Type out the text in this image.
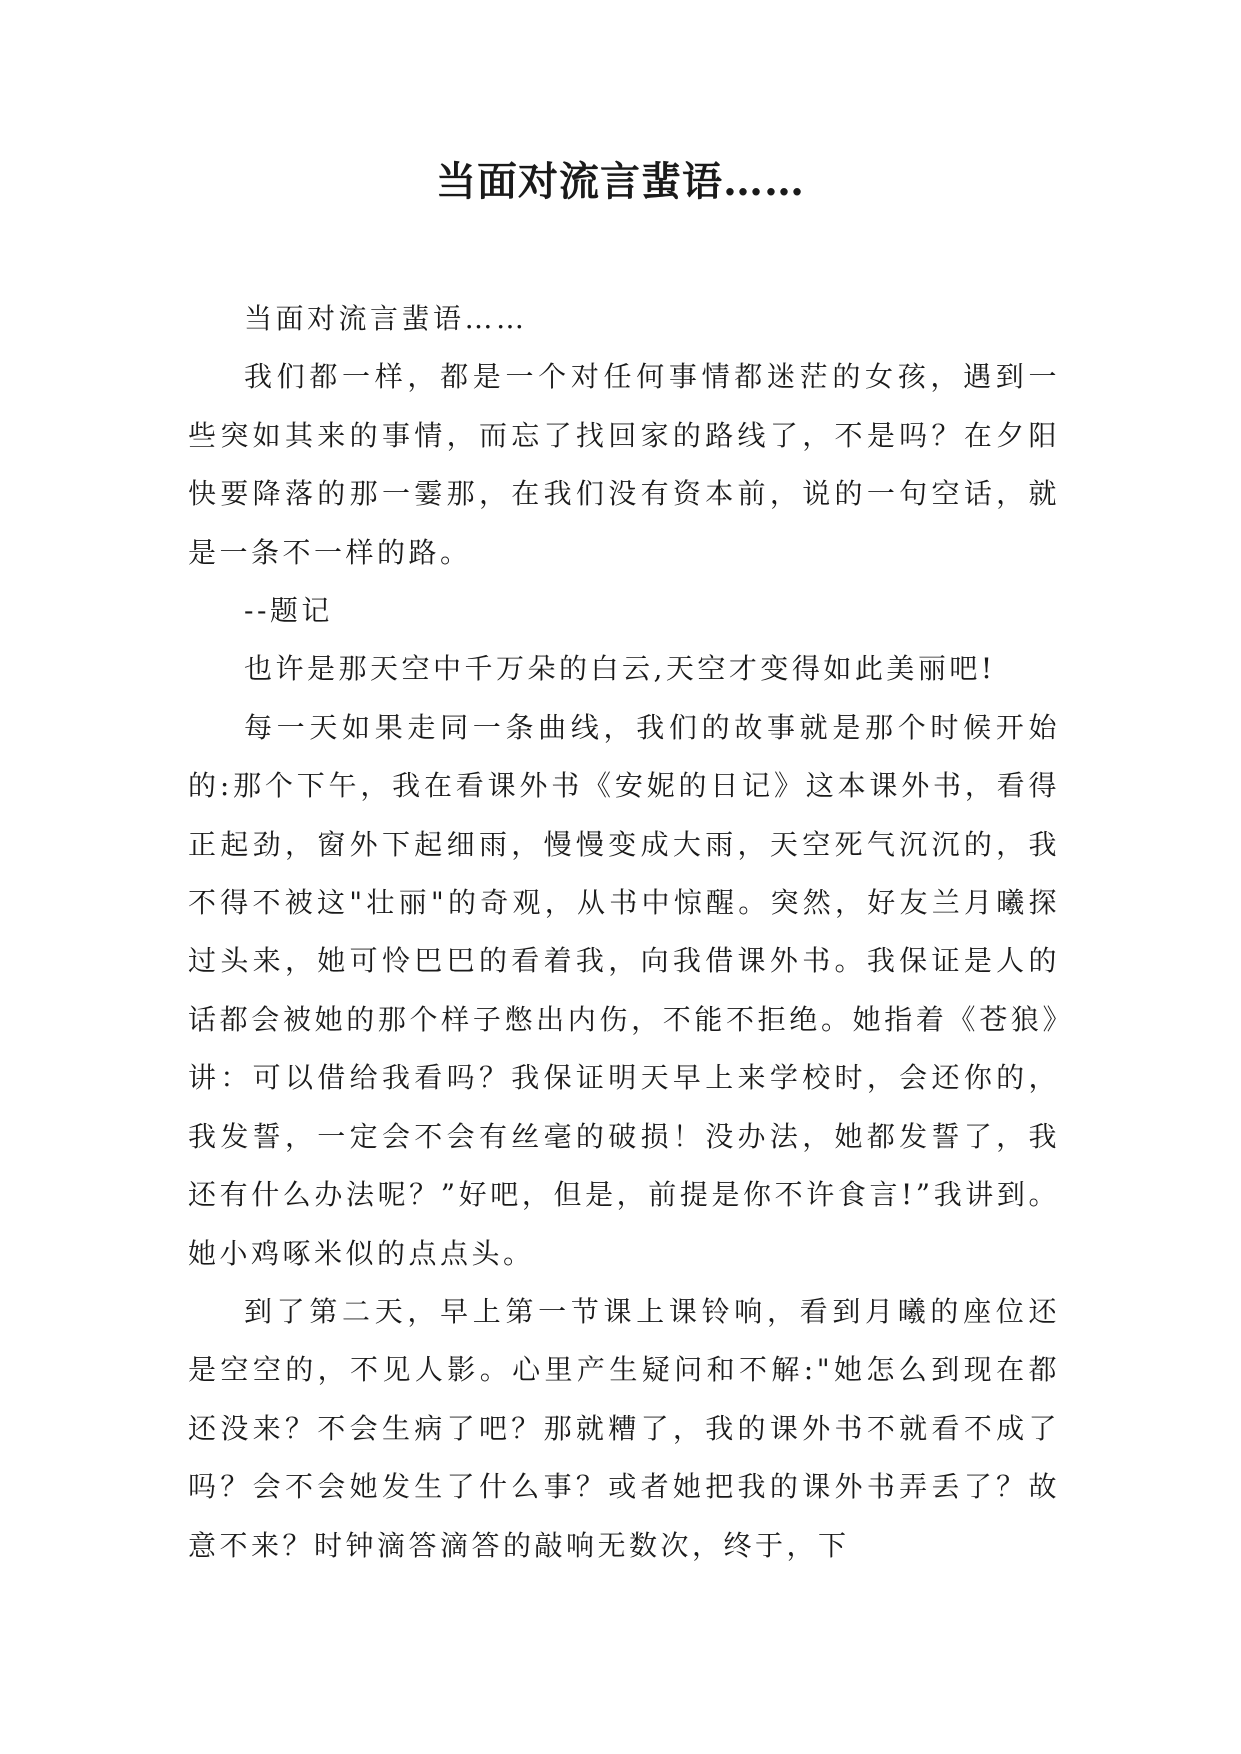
当面对流言蜚语……

当面对流言蜚语……

我们都一样，都是一个对任何事情都迷茫的女孩，遇到一些突如其来的事情，而忘了找回家的路线了，不是吗？在夕阳快要降落的那一霎那，在我们没有资本前，说的一句空话，就是一条不一样的路。

--题记

也许是那天空中千万朵的白云,天空才变得如此美丽吧!

每一天如果走同一条曲线，我们的故事就是那个时候开始的:那个下午，我在看课外书《安妮的日记》这本课外书，看得正起劲，窗外下起细雨，慢慢变成大雨，天空死气沉沉的，我不得不被这"壮丽"的奇观，从书中惊醒。突然，好友兰月曦探过头来，她可怜巴巴的看着我，向我借课外书。我保证是人的话都会被她的那个样子憋出内伤，不能不拒绝。她指着《苍狼》讲：可以借给我看吗？我保证明天早上来学校时，会还你的，我发誓，一定会不会有丝毫的破损！没办法，她都发誓了，我还有什么办法呢？”好吧，但是，前提是你不许食言!”我讲到。她小鸡啄米似的点点头。

到了第二天，早上第一节课上课铃响，看到月曦的座位还是空空的，不见人影。心里产生疑问和不解:"她怎么到现在都还没来？不会生病了吧？那就糟了，我的课外书不就看不成了吗？会不会她发生了什么事？或者她把我的课外书弄丢了？故意不来？时钟滴答滴答的敲响无数次，终于，下
